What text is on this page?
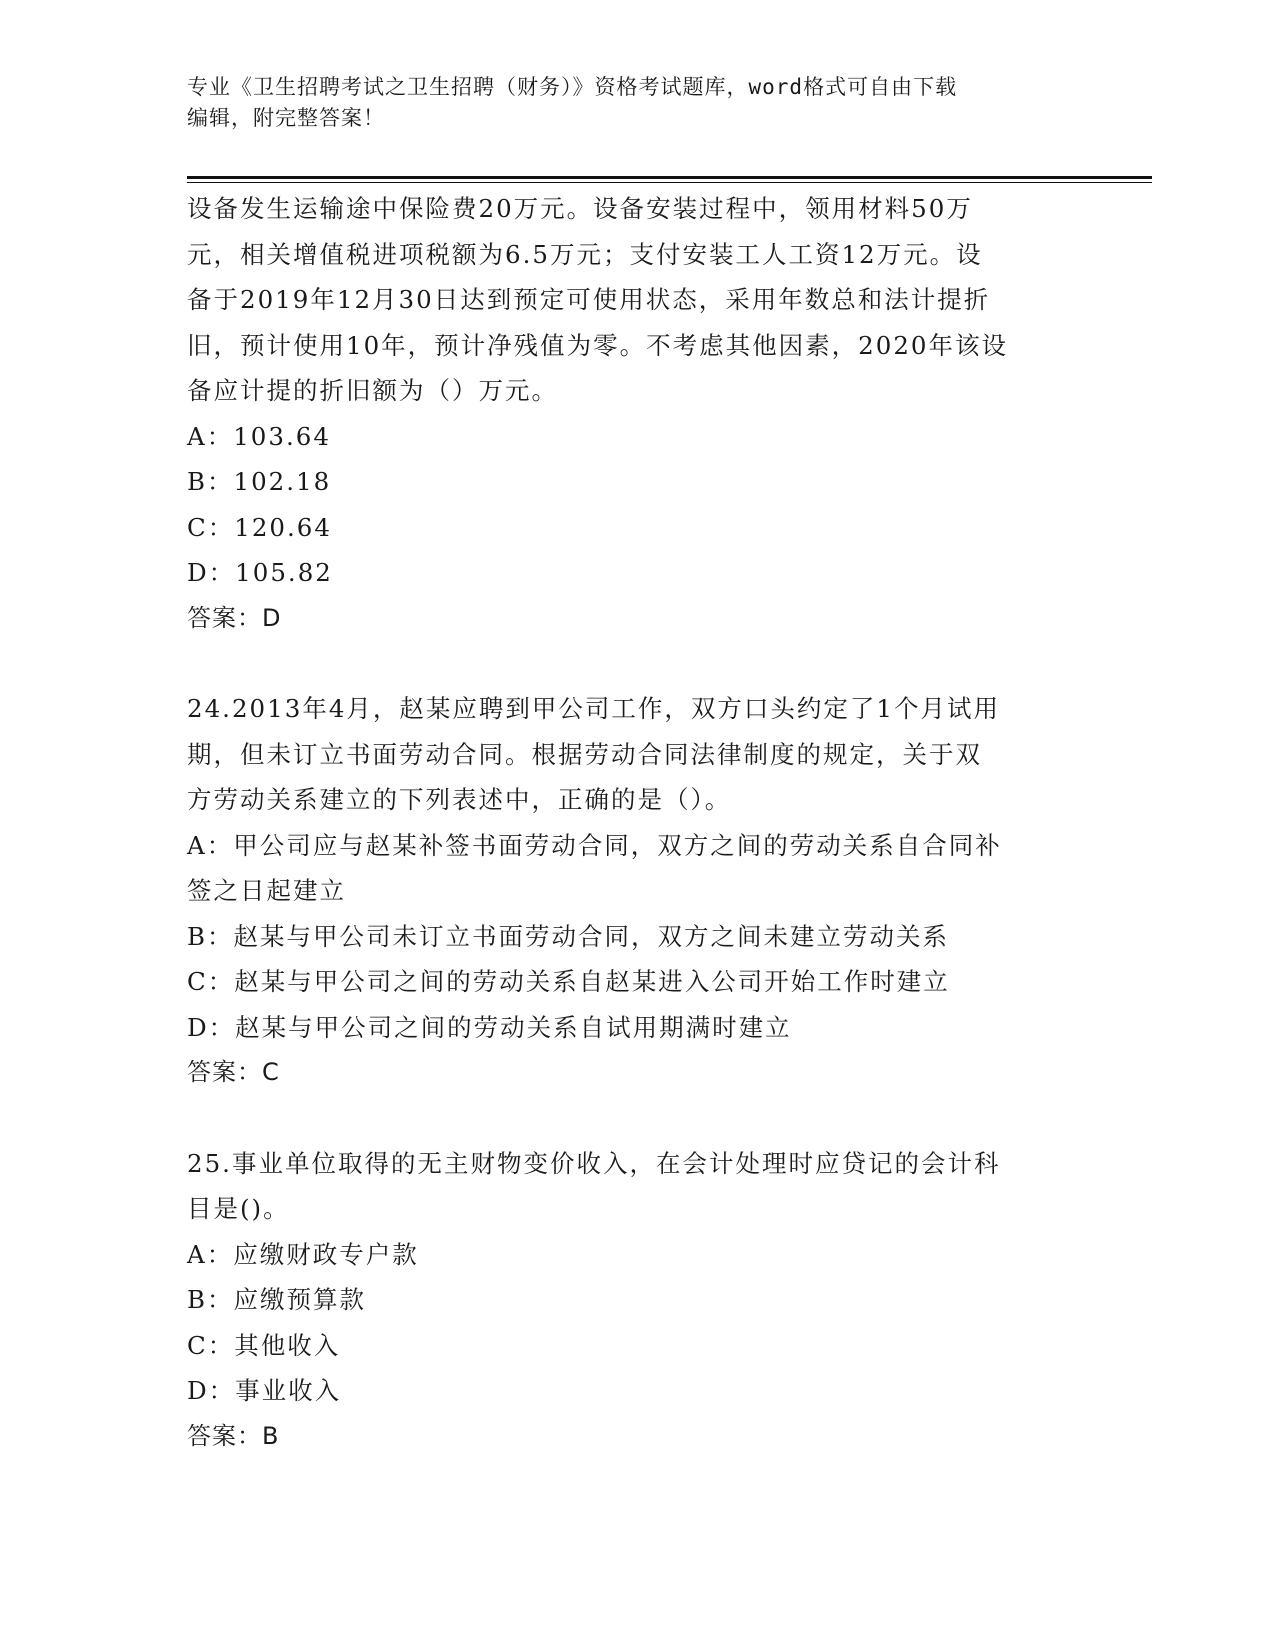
专业《卫生招聘考试之卫生招聘（财务）》资格考试题库，word格式可自由下载
编辑，附完整答案！
设备发生运输途中保险费20万元。设备安装过程中，领用材料50万
元，相关增值税进项税额为6.5万元；支付安装工人工资12万元。设
备于2019年12月30日达到预定可使用状态，采用年数总和法计提折
旧，预计使用10年，预计净残值为零。不考虑其他因素，2020年该设
备应计提的折旧额为（）万元。
A：103.64
B：102.18
C：120.64
D：105.82
答案：D
24.2013年4月，赵某应聘到甲公司工作，双方口头约定了1个月试用
期，但未订立书面劳动合同。根据劳动合同法律制度的规定，关于双
方劳动关系建立的下列表述中，正确的是（）。
A：甲公司应与赵某补签书面劳动合同，双方之间的劳动关系自合同补
签之日起建立
B：赵某与甲公司未订立书面劳动合同，双方之间未建立劳动关系
C：赵某与甲公司之间的劳动关系自赵某进入公司开始工作时建立
D：赵某与甲公司之间的劳动关系自试用期满时建立
答案：C
25.事业单位取得的无主财物变价收入，在会计处理时应贷记的会计科
目是()。
A：应缴财政专户款
B：应缴预算款
C：其他收入
D：事业收入
答案：B
